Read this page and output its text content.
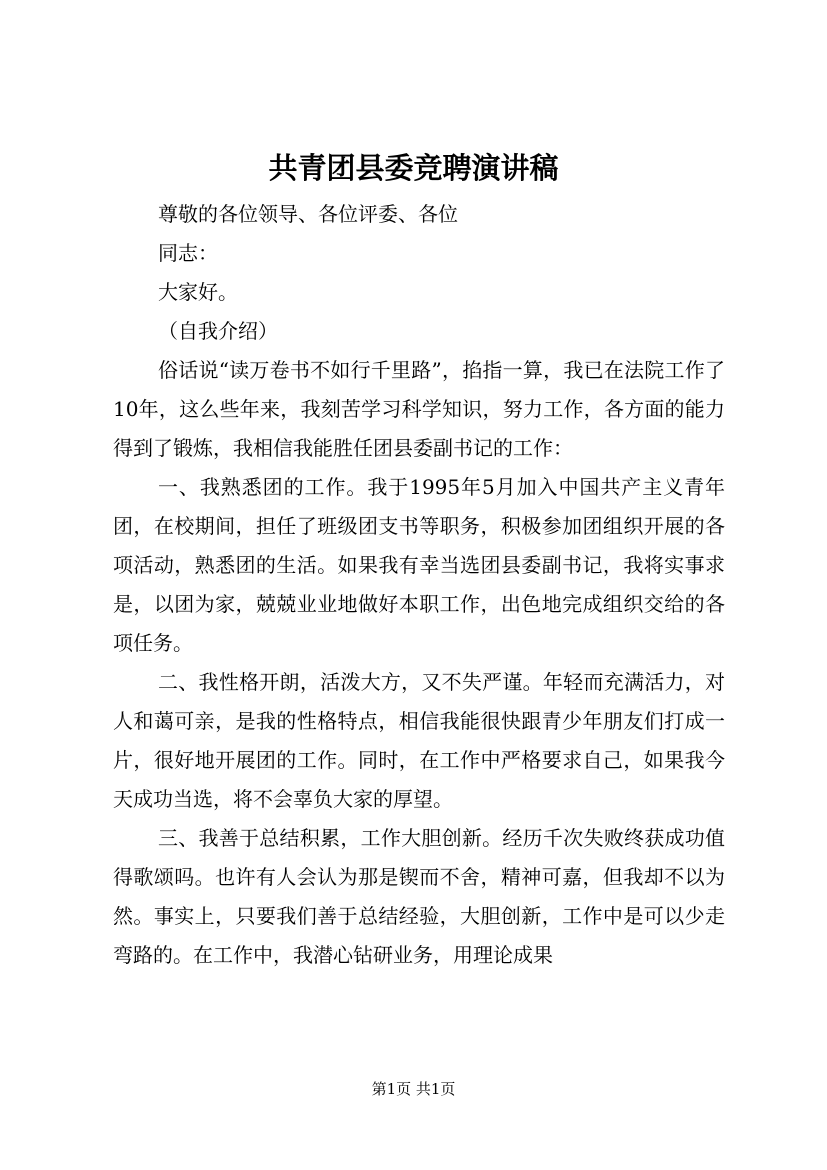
共青团县委竞聘演讲稿

尊敬的各位领导、各位评委、各位

同志：

大家好。

（自我介绍）

俗话说“读万卷书不如行千里路”，掐指一算，我已在法院工作了10年，这么些年来，我刻苦学习科学知识，努力工作，各方面的能力得到了锻炼，我相信我能胜任团县委副书记的工作：

一、我熟悉团的工作。我于1995年5月加入中国共产主义青年团，在校期间，担任了班级团支书等职务，积极参加团组织开展的各项活动，熟悉团的生活。如果我有幸当选团县委副书记，我将实事求是，以团为家，兢兢业业地做好本职工作，出色地完成组织交给的各项任务。

二、我性格开朗，活泼大方，又不失严谨。年轻而充满活力，对人和蔼可亲，是我的性格特点，相信我能很快跟青少年朋友们打成一片，很好地开展团的工作。同时，在工作中严格要求自己，如果我今天成功当选，将不会辜负大家的厚望。

三、我善于总结积累，工作大胆创新。经历千次失败终获成功值得歌颂吗。也许有人会认为那是锲而不舍，精神可嘉，但我却不以为然。事实上，只要我们善于总结经验，大胆创新，工作中是可以少走弯路的。在工作中，我潜心钻研业务，用理论成果

第1页 共1页
